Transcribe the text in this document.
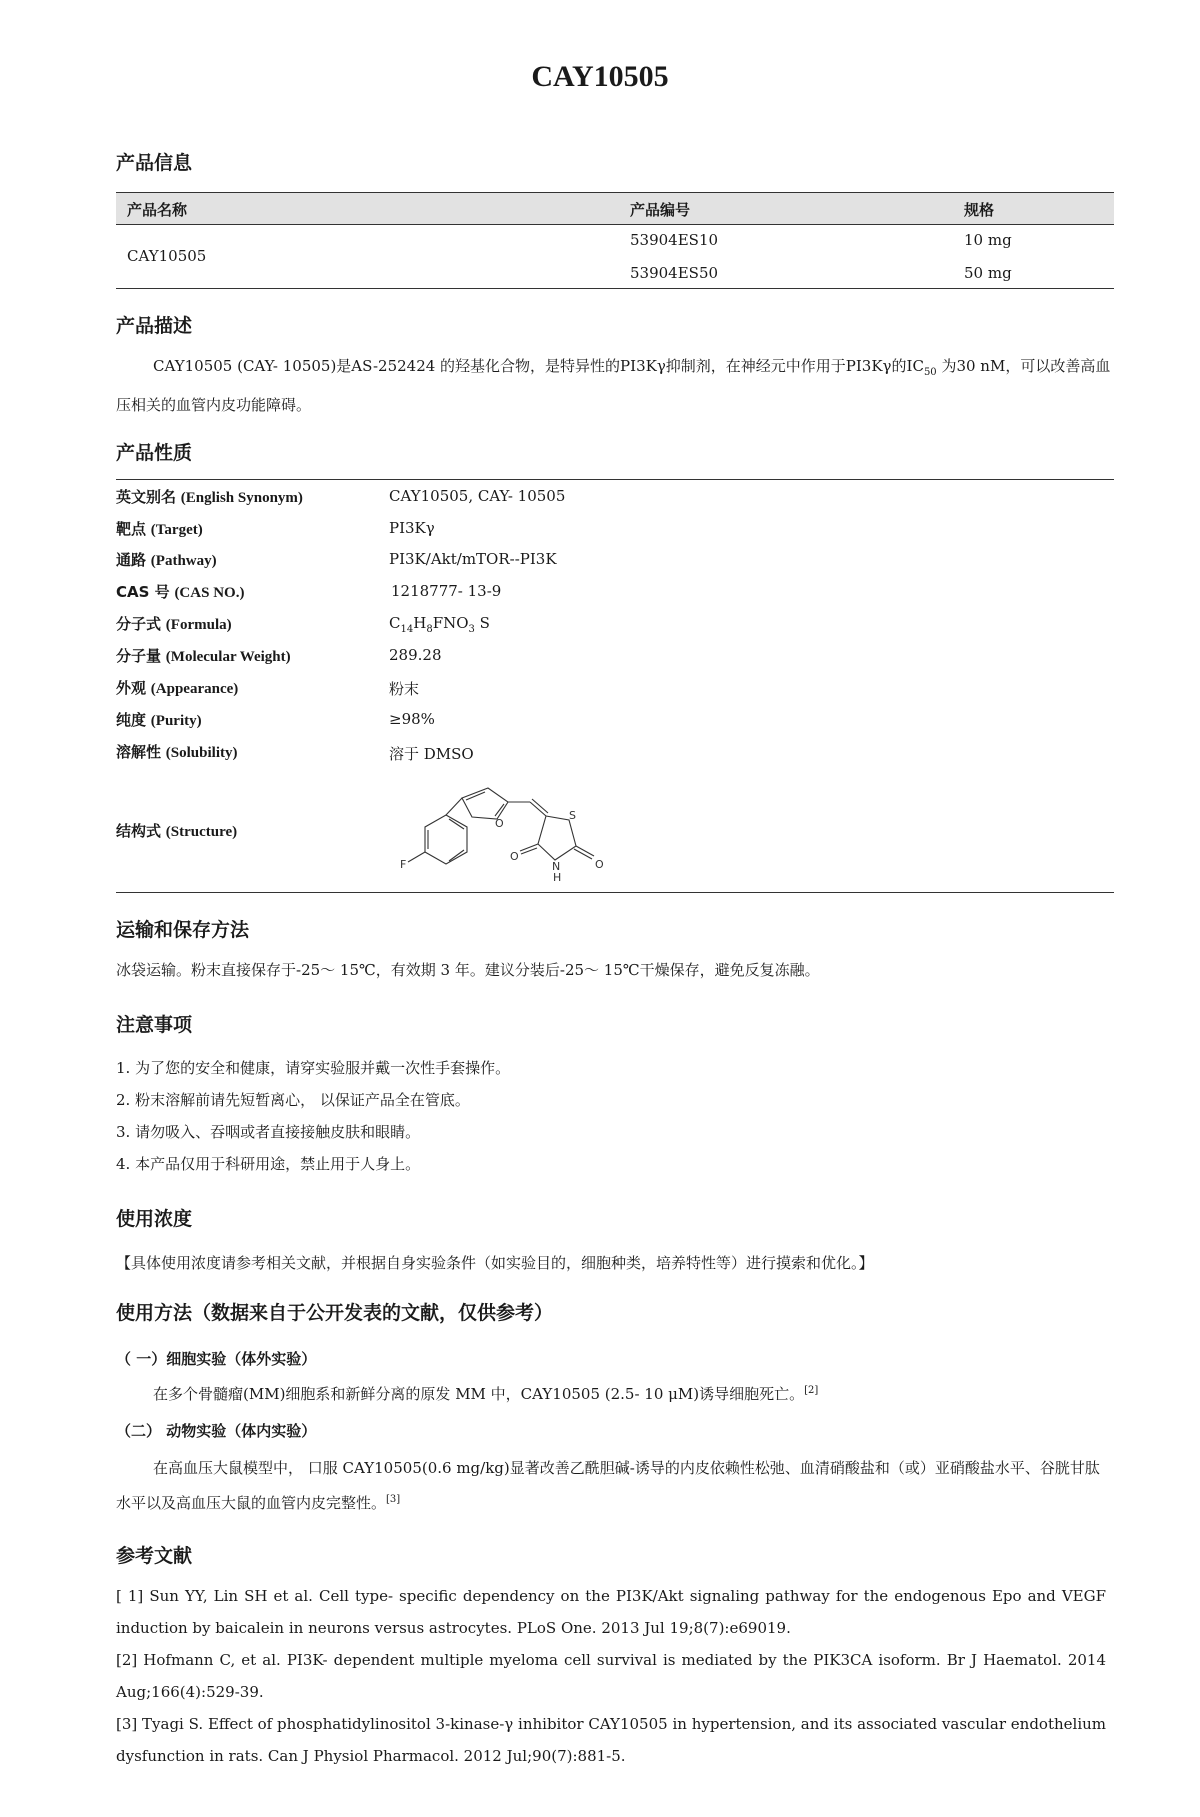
CAY10505
产品信息
产品名称	产品编号	规格
CAY10505
53904ES10	10 mg
53904ES50	50 mg
产品描述
CAY10505 (CAY- 10505)是AS-252424 的羟基化合物，是特异性的PI3Kγ抑制剂，在神经元中作用于PI3Kγ的$IC_{50}$ 为30 nM，可以改善高血压相关的血管内皮功能障碍。
产品性质
英文别名 (English Synonym)	CAY10505, CAY- 10505
靶点 (Target)	PI3Kγ
通路 (Pathway)	PI3K/Akt/mTOR--PI3K
CAS 号 (CAS NO.)	1218777- 13-9
分子式 (Formula)	$C_{14}H_8FNO_3$ S
分子量 (Molecular Weight)	289.28
外观 (Appearance)	粉末
纯度 (Purity)	≥98%
溶解性 (Solubility)	溶于 DMSO
结构式 (Structure)
F
O
S
O
O
N
H
运输和保存方法
冰袋运输。粉末直接保存于-25～ 15℃，有效期 3 年。建议分装后-25～ 15℃干燥保存，避免反复冻融。
注意事项
1. 为了您的安全和健康，请穿实验服并戴一次性手套操作。
2. 粉末溶解前请先短暂离心， 以保证产品全在管底。
3. 请勿吸入、吞咽或者直接接触皮肤和眼睛。
4. 本产品仅用于科研用途，禁止用于人身上。
使用浓度
【具体使用浓度请参考相关文献，并根据自身实验条件（如实验目的，细胞种类，培养特性等）进行摸索和优化。】
使用方法（数据来自于公开发表的文献，仅供参考）
（ 一）细胞实验（体外实验）
在多个骨髓瘤(MM)细胞系和新鲜分离的原发 MM 中，CAY10505 (2.5- 10 μM)诱导细胞死亡。[2]
（二） 动物实验（体内实验）
在高血压大鼠模型中， 口服 CAY10505(0.6 mg/kg)显著改善乙酰胆碱-诱导的内皮依赖性松弛、血清硝酸盐和（或）亚硝酸盐水平、谷胱甘肽水平以及高血压大鼠的血管内皮完整性。[3]
参考文献
[ 1] Sun YY, Lin SH et al. Cell type- specific dependency on the PI3K/Akt signaling pathway for the endogenous Epo and VEGF induction by baicalein in neurons versus astrocytes. PLoS One. 2013 Jul 19;8(7):e69019.
[2] Hofmann C, et al. PI3K- dependent multiple myeloma cell survival is mediated by the PIK3CA isoform. Br J Haematol. 2014 Aug;166(4):529-39.
[3] Tyagi S. Effect of phosphatidylinositol 3-kinase-γ inhibitor CAY10505 in hypertension, and its associated vascular endothelium dysfunction in rats. Can J Physiol Pharmacol. 2012 Jul;90(7):881-5.
